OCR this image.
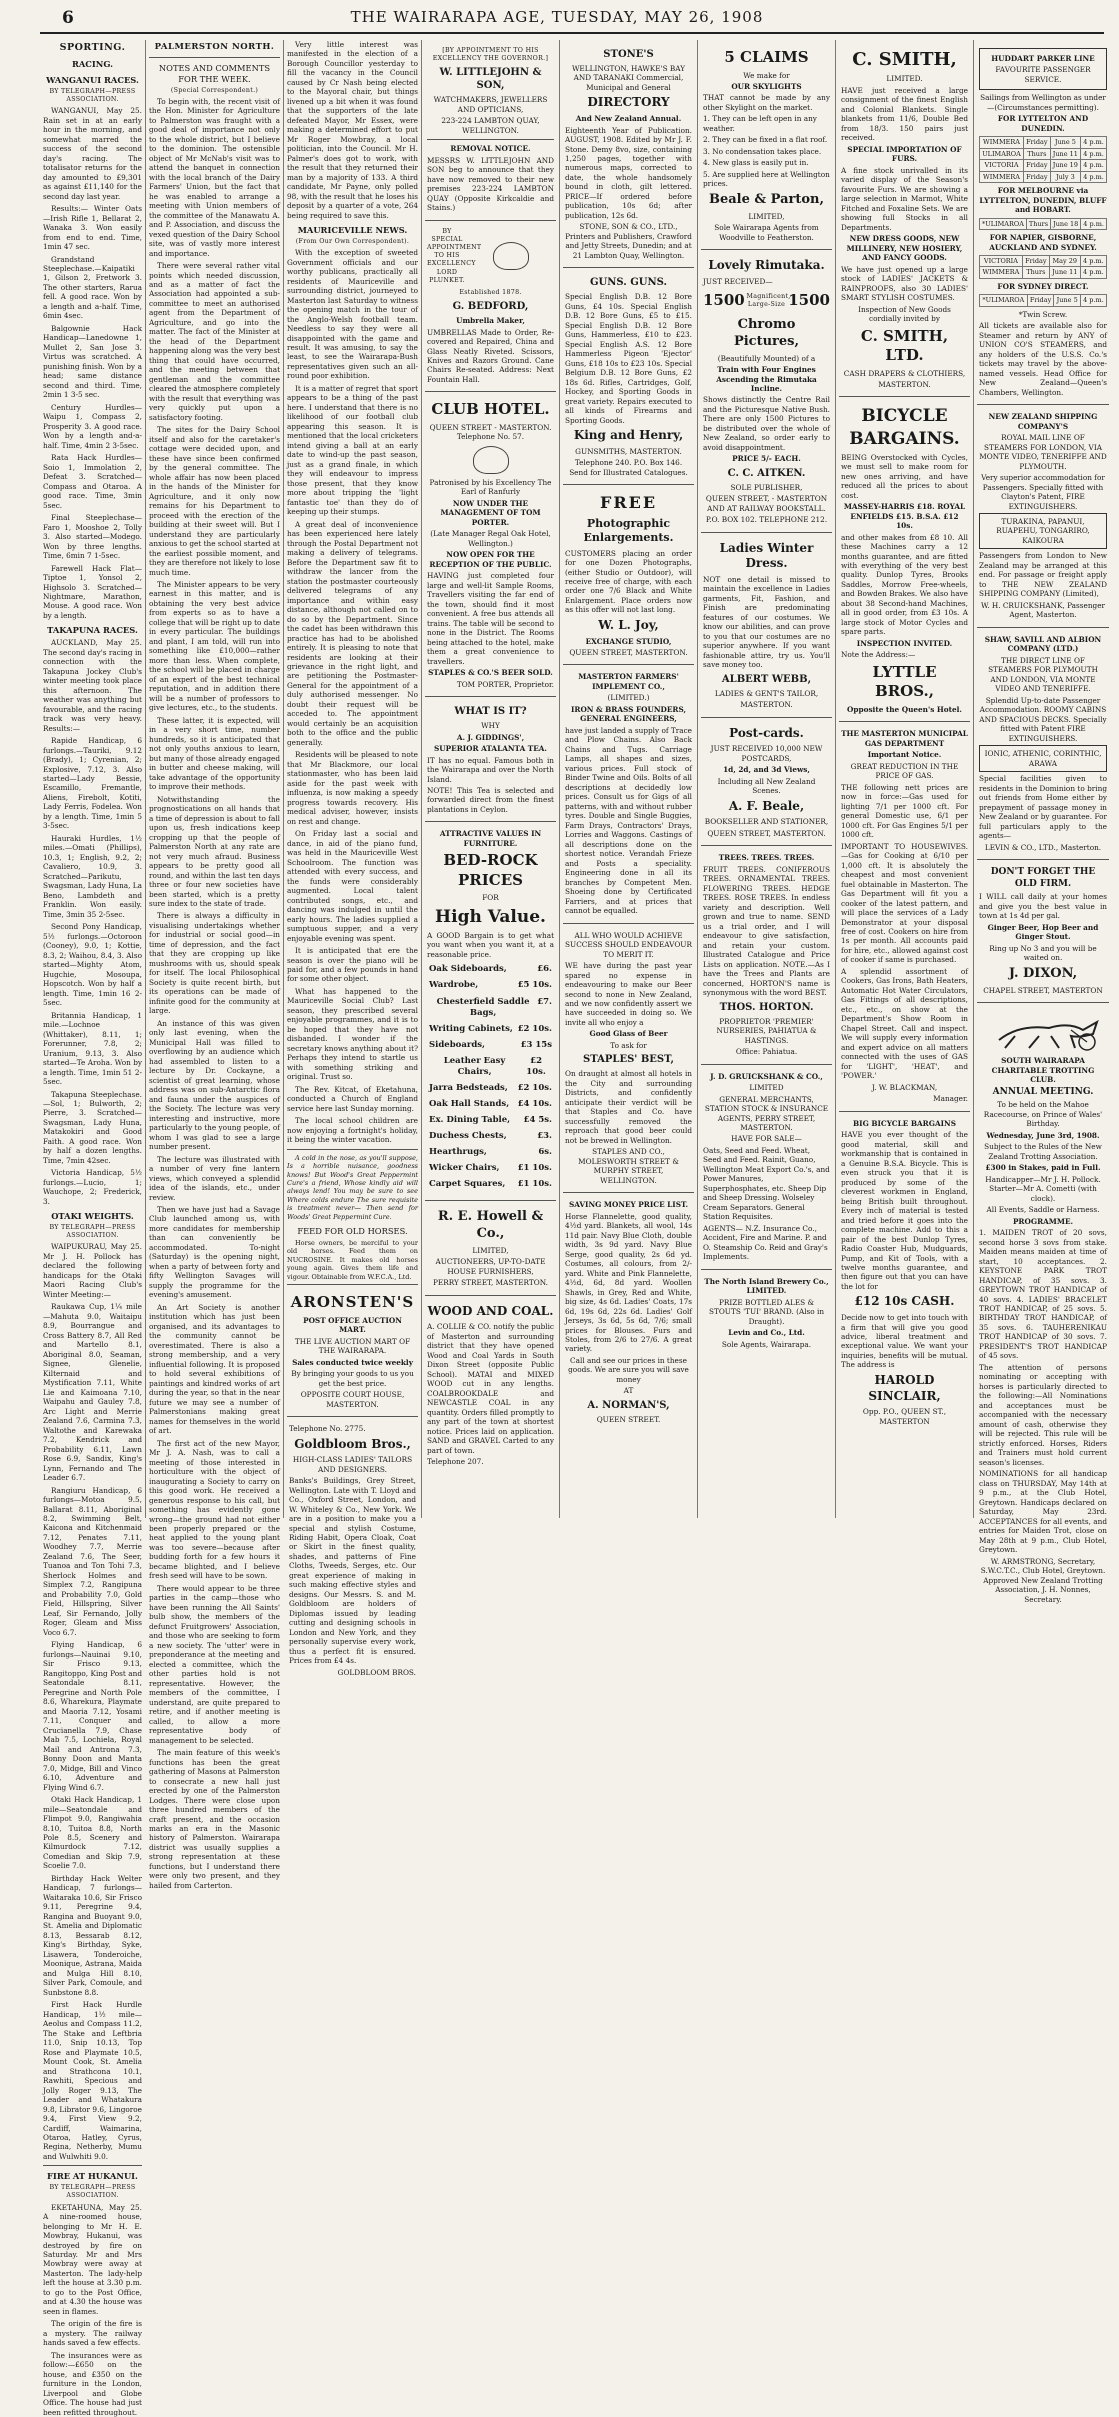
6	THE WAIRARAPA AGE, TUESDAY, MAY 26, 1908
SPORTING.
RACING.
WANGANUI RACES.
BY TELEGRAPH—PRESS ASSOCIATION.

WANGANUI, May 25. Rain set in at an early hour in the morning, and somewhat marred the success of the second day's racing. The totalisator returns for the day amounted to £9,301 as against £11,140 for the second day last year.

Results:— Winter Oats—Irish Rifle 1, Bellarat 2, Wanaka 3. Won easily from end to end. Time, 1min 47 sec.

Grandstand Steeplechase.—Kaipatiki 1, Gilson 2, Fretwork 3. The other starters, Rarua fell. A good race. Won by a length and a-half. Time, 6min 4sec.

Balgownie Hack Handicap—Lanedowne 1, Mullet 2, San Jose 3. Virtus was scratched. A punishing finish. Won by a head; same distance second and third. Time, 2min 1 3-5 sec.

Century Hurdles—Waipu 1, Compass 2, Prosperity 3. A good race. Won by a length and-a-half. Time, 4min 2 3-5sec.

Rata Hack Hurdles—Soio 1, Immolation 2, Defeat 3. Scratched—Compass and Otaroa. A good race. Time, 3min 5sec.

Final Steeplechase—Faro 1, Mooshoe 2, Tolly 3. Also started—Modego. Won by three lengths. Time, 6min 7 1-5sec.

Farewell Hack Flat—Tiptoe 1, Yonsol 2, Highsolo 3. Scratched—Nightmare, Marathon, Mouse. A good race. Won by a length.

TAKAPUNA RACES.

AUCKLAND, May 25. The second day's racing in connection with the Takapuna Jockey Club's winter meeting took place this afternoon. The weather was anything but favourable, and the racing track was very heavy. Results:—

Rapide Handicap, 6 furlongs.—Tauriki, 9.12 (Brady), 1; Cyrenian, 2; Explosive, 7.12, 3. Also started—Lady Bessie, Escamillo, Fremantle, Aliens, Firebolt, Kotiti, Lady Ferris, Fodelea. Won by a length. Time, 1min 5 3-5sec.

Hauraki Hurdles, 1½ miles.—Omati (Phillips), 10.3, 1; English, 9.2, 2; Cavaliero, 10.9, 3. Scratched—Parikutu, Swagsman, Lady Huna, La Beno, Lambdeth and Franklin. Won easily. Time, 3min 35 2-5sec.

Second Pony Handicap, 5½ furlongs.—Octoroon (Cooney), 9.0, 1; Kottie, 8.3, 2; Waihou, 8.4, 3. Also started—Mighty Atom, Hugchie, Mosoupa, Hopscotch. Won by half a length. Time, 1min 16 2-5sec.

Britannia Handicap, 1 mile.—Lochnoe (Whittaker), 8.11, 1; Forerunner, 7.8, 2; Uranium, 9.13, 3. Also started—Te Aroha. Won by a length. Time, 1min 51 2-5sec.

Takapuna Steeplechase.—Sol, 1; Bulworth, 2; Pierre, 3. Scratched—Swagsman, Lady Huna, Matakokiri and Good Faith. A good race. Won by half a dozen lengths. Time, 7min 42sec.

Victoria Handicap, 5½ furlongs.—Lucio, 1; Wauchope, 2; Frederick, 3.

OTAKI WEIGHTS.
BY TELEGRAPH—PRESS ASSOCIATION.

WAIPUKURAU, May 25. Mr J. H. Pollock has declared the following handicaps for the Otaki Maori Racing Club's Winter Meeting:—

Raukawa Cup, 1¼ mile—Mahuta 9.0, Waitaipu 8.9, Bourrangue and Cross Battery 8.7, All Red and Martello 8.1, Aboriginal 8.0, Seaman, Signee, Glenelie, Kilternaid and Mystification 7.11, White Lie and Kaimoana 7.10, Waipahu and Gauley 7.8, Arc Light and Merrie Zealand 7.6, Carmina 7.3, Waltothe and Karewaka 7.2, Kendrick and Probability 6.11, Lawn Rose 6.9, Sandix, King's Lynn, Fernando and The Leader 6.7.

Rangiuru Handicap, 6 furlongs—Motoa 9.5, Ballarat 8.11, Aboriginal 8.2, Swimming Belt, Kaicona and Kitchenmaid 7.12, Penates 7.11, Woodhey 7.7, Merrie Zealand 7.6, The Seer, Tuanoa and Ton Tohi 7.3, Sherlock Holmes and Simplex 7.2, Rangipuna and Probability 7.0, Gold Field, Hillspring, Silver Leaf, Sir Fernando, Jolly Roger, Gleam and Miss Voco 6.7.

Flying Handicap, 6 furlongs—Nauinai 9.10, Sir Frisco 9.13, Rangitoppo, King Post and Seatondale 8.11, Peregrine and North Pole 8.6, Wharekura, Playmate and Maoria 7.12, Yosami 7.11, Conquer and Crucianella 7.9, Chase Mab 7.5, Lochiela, Royal Mail and Antrona 7.3, Bonny Doon and Manta 7.0, Midge, Bill and Vinco 6.10, Adventure and Flying Wind 6.7.

Otaki Hack Handicap, 1 mile—Seatondale and Flimpot 9.0, Rangiwahia 8.10, Tuitoa 8.8, North Pole 8.5, Scenery and Kilmurdock 7.12, Comedian and Skip 7.9, Scoelie 7.0.

Birthday Hack Welter Handicap, 7 furlongs—Waitaraka 10.6, Sir Frisco 9.11, Peregrine 9.4, Rangina and Buoyant 9.0, St. Amelia and Diplomatic 8.13, Bessarab 8.12, King's Birthday, Syke, Lisawera, Tonderoiche, Moonique, Astrana, Maida and Mulga Hill 8.10, Silver Park, Comoule, and Sunbstone 8.8.

First Hack Hurdle Handicap, 1½ mile—Aeolus and Compass 11.2, The Stake and Leftbria 11.0, Snip 10.13, Top Rose and Playmate 10.5, Mount Cook, St. Amelia and Strathcona 10.1, Rawhiti, Specious and Jolly Roger 9.13, The Leader and Whatakura 9.8, Librator 9.6, Lingoroe 9.4, First View 9.2, Cardiff, Waimarina, Otaroa, Hatley, Cyrus, Regina, Netherby, Mumu and Wulwhiti 9.0.

FIRE AT HUKANUI.
BY TELEGRAPH—PRESS ASSOCIATION.

EKETAHUNA, May 25. A nine-roomed house, belonging to Mr H. E. Mowbray, Hukanui, was destroyed by fire on Saturday. Mr and Mrs Mowbray were away at Masterton. The lady-help left the house at 3.30 p.m. to go to the Post Office, and at 4.30 the house was seen in flames.

The origin of the fire is a mystery. The railway hands saved a few effects.

The insurances were as follow:—£650 on the house, and £350 on the furniture in the London, Liverpool and Globe Office. The house had just been refitted throughout.

PALMERSTON NORTH.
NOTES AND COMMENTS FOR THE WEEK.
(Special Correspondent.)

To begin with, the recent visit of the Hon. Minister for Agriculture to Palmerston was fraught with a good deal of importance not only to the whole district, but I believe to the dominion. The ostensible object of Mr McNab's visit was to attend the banquet in connection with the local branch of the Dairy Farmers' Union, but the fact that he was enabled to arrange a meeting with Union members of the committee of the Manawatu A. and P. Association, and discuss the vexed question of the Dairy School site, was of vastly more interest and importance.

There were several rather vital points which needed discussion, and as a matter of fact the Association had appointed a sub-committee to meet an authorised agent from the Department of Agriculture, and go into the matter. The fact of the Minister at the head of the Department happening along was the very best thing that could have occurred, and the meeting between that gentleman and the committee cleared the atmosphere completely with the result that everything was very quickly put upon a satisfactory footing.

The sites for the Dairy School itself and also for the caretaker's cottage were decided upon, and these have since been confirmed by the general committee. The whole affair has now been placed in the hands of the Minister for Agriculture, and it only now remains for his Department to proceed with the erection of the building at their sweet will. But I understand they are particularly anxious to get the school started at the earliest possible moment, and they are therefore not likely to lose much time.

The Minister appears to be very earnest in this matter, and is obtaining the very best advice from experts so as to have a college that will be right up to date in every particular. The buildings and plant, I am told, will run into something like £10,000—rather more than less. When complete, the school will be placed in charge of an expert of the best technical reputation, and in addition there will be a number of professors to give lectures, etc., to the students.

These latter, it is expected, will in a very short time, number hundreds, so it is anticipated that not only youths anxious to learn, but many of those already engaged in butter and cheese making, will take advantage of the opportunity to improve their methods.

Notwithstanding the prognostications on all hands that a time of depression is about to fall upon us, fresh indications keep cropping up that the people of Palmerston North at any rate are not very much afraud. Business appears to be pretty good all round, and within the last ten days three or four new societies have been started, which is a pretty sure index to the state of trade.

There is always a difficulty in visualising undertakings whether for industrial or social good—in time of depression, and the fact that they are cropping up like mushrooms with us, should speak for itself. The local Philosophical Society is quite recent birth, but its operations can be made of infinite good for the community at large.

An instance of this was given only last evening, when the Municipal Hall was filled to overflowing by an audience which had assembled to listen to a lecture by Dr. Cockayne, a scientist of great learning, whose address was on sub-Antarctic flora and fauna under the auspices of the Society. The lecture was very interesting and instructive, more particularly to the young people, of whom I was glad to see a large number present.

The lecture was illustrated with a number of very fine lantern views, which conveyed a splendid idea of the islands, etc., under review.

Then we have just had a Savage Club launched among us, with more candidates for membership than can conveniently be accommodated. To-night (Saturday) is the opening night, when a party of between forty and fifty Wellington Savages will supply the programme for the evening's amusement.

An Art Society is another institution which has just been organised, and its advantages to the community cannot be overestimated. There is also a strong membership, and a very influential following. It is proposed to hold several exhibitions of paintings and kindred works of art during the year, so that in the near future we may see a number of Palmerstonians making great names for themselves in the world of art.

The first act of the new Mayor, Mr J. A. Nash, was to call a meeting of those interested in horticulture with the object of inaugurating a Society to carry on this good work. He received a generous response to his call, but something has evidently gone wrong—the ground had not either been properly prepared or the heat applied to the young plant was too severe—because after budding forth for a few hours it became blighted, and I believe fresh seed will have to be sown.

There would appear to be three parties in the camp—those who have been running the All Saints' bulb show, the members of the defunct Fruitgrowers' Association, and those who are seeking to form a new society. The 'utter' were in preponderance at the meeting and elected a committee, which the other parties hold is not representative. However, the members of the committee, I understand, are quite prepared to retire, and if another meeting is called, to allow a more representative body of management to be selected.

The main feature of this week's functions has been the great gathering of Masons at Palmerston to consecrate a new hall just erected by one of the Palmerston Lodges. There were close upon three hundred members of the craft present, and the occasion marks an era in the Masonic history of Palmerston. Wairarapa district was usually supplies a strong representation at these functions, but I understand there were only two present, and they hailed from Carterton.

Very little interest was manifested in the election of a Borough Councillor yesterday to fill the vacancy in the Council caused by Cr Nash being elected to the Mayoral chair, but things livened up a bit when it was found that the supporters of the late defeated Mayor, Mr Essex, were making a determined effort to put Mr Roger Mowbray, a local politician, into the Council. Mr H. Palmer's does got to work, with the result that they returned their man by a majority of 133. A third candidate, Mr Payne, only polled 98, with the result that he loses his deposit by a quarter of a vote, 264 being required to save this.

MAURICEVILLE NEWS.
(From Our Own Correspondent).

With the exception of sweeted Government officials and our worthy publicans, practically all residents of Mauriceville and surrounding district, journeyed to Masterton last Saturday to witness the opening match in the tour of the Anglo-Welsh football team. Needless to say they were all disappointed with the game and result. It was amusing, to say the least, to see the Wairarapa-Bush representatives given such an all-round poor exhibition.

It is a matter of regret that sport appears to be a thing of the past here. I understand that there is no likelihood of our football club appearing this season. It is mentioned that the local cricketers intend giving a ball at an early date to wind-up the past season, just as a grand finale, in which they will endeavour to impress those present, that they know more about tripping the 'light fantastic toe' than they do of keeping up their stumps.

A great deal of inconvenience has been experienced here lately through the Postal Department not making a delivery of telegrams. Before the Department saw fit to withdraw the lancer from the station the postmaster courteously delivered telegrams of any importance and within easy distance, although not called on to do so by the Department. Since the cadet has been withdrawn this practice has had to be abolished entirely. It is pleasing to note that residents are looking at their grievance in the right light, and are petitioning the Postmaster-General for the appointment of a duly authorised messenger. No doubt their request will be acceded to. The appointment would certainly be an acquisition both to the office and the public generally.

Residents will be pleased to note that Mr Blackmore, our local stationmaster, who has been laid aside for the past week with influenza, is now making a speedy progress towards recovery. His medical adviser, however, insists on rest and change.

On Friday last a social and dance, in aid of the piano fund, was held in the Mauriceville West Schoolroom. The function was attended with every success, and the funds were considerably augmented. Local talent contributed songs, etc., and dancing was indulged in until the early hours. The ladies supplied a sumptuous supper, and a very enjoyable evening was spent.

It is anticipated that ere the season is over the piano will be paid for, and a few pounds in hand for some other object.

What has happened to the Mauriceville Social Club? Last season, they prescribed several enjoyable programmes, and it is to be hoped that they have not disbanded. I wonder if the secretary knows anything about it? Perhaps they intend to startle us with something striking and original. Trust so.

The Rev. Kitcat, of Eketahuna, conducted a Church of England service here last Sunday morning.

The local school children are now enjoying a fortnight's holiday, it being the winter vacation.

A cold in the nose, as you'll suppose, Is a horrible nuisance, goodness knows! But Wood's Great Peppermint Cure's a friend, Whose kindly aid will always lend! You may be sure to see Where colds endure The sure requisite is treatment never— Then send for Woods' Great Peppermint Cure.

FEED FOR OLD HORSES.

Horse owners, be merciful to your old horses. Feed them on NUCROSINE. It makes old horses young again. Gives them life and vigour. Obtainable from W.F.C.A., Ltd.

ARONSTEN'S

POST OFFICE AUCTION MART.

THE LIVE AUCTION MART OF THE WAIRARAPA.

Sales conducted twice weekly

By bringing your goods to us you get the best price.

OPPOSITE COURT HOUSE, MASTERTON.

Telephone No. 2775.

Goldbloom Bros.,

HIGH-CLASS LADIES' TAILORS AND DESIGNERS.

Banks's Buildings, Grey Street, Wellington. Late with T. Lloyd and Co., Oxford Street, London, and W. Whiteley & Co., New York. We are in a position to make you a special and stylish Costume, Riding Habit, Opera Cloak, Coat or Skirt in the finest quality, shades, and patterns of Fine Cloths, Tweeds, Serges, etc. Our great experience of making in such making effective styles and designs. Our Messrs. S. and M. Goldbloom are holders of Diplomas issued by leading cutting and designing schools in London and New York, and they personally supervise every work, thus a perfect fit is ensured. Prices from £4 4s.

GOLDBLOOM BROS.

[BY APPOINTMENT TO HIS EXCELLENCY THE GOVERNOR.]

W. LITTLEJOHN & SON,

WATCHMAKERS, JEWELLERS AND OPTICIANS,

223-224 LAMBTON QUAY, WELLINGTON.

REMOVAL NOTICE.

MESSRS W. LITTLEJOHN AND SON beg to announce that they have now removed to their new premises 223-224 LAMBTON QUAY (Opposite Kirkcaldie and Stains.)

BY SPECIAL APPOINTMENT TO HIS EXCELLENCY LORD PLUNKET.

Established 1878.

G. BEDFORD,

Umbrella Maker,

UMBRELLAS Made to Order, Re-covered and Repaired, China and Glass Neatly Riveted. Scissors, Knives and Razors Ground. Cane Chairs Re-seated. Address: Next Fountain Hall.

CLUB HOTEL.

QUEEN STREET - MASTERTON. Telephone No. 57.

Patronised by his Excellency The Earl of Ranfurly

NOW UNDER THE MANAGEMENT OF TOM PORTER.

(Late Manager Regal Oak Hotel, Wellington.)

NOW OPEN FOR THE RECEPTION OF THE PUBLIC.

HAVING just completed four large and well-lit Sample Rooms, Travellers visiting the far end of the town, should find it most convenient. A free bus attends all trains. The table will be second to none in the District. The Rooms being attached to the hotel, make them a great convenience to travellers.

STAPLES & CO.'S BEER SOLD.

TOM PORTER, Proprietor.

WHAT IS IT?

WHY

A. J. GIDDINGS',

SUPERIOR ATALANTA TEA.

IT has no equal. Famous both in the Wairarapa and over the North Island.

NOTE! This Tea is selected and forwarded direct from the finest plantations in Ceylon.

ATTRACTIVE VALUES IN FURNITURE.

BED-ROCK PRICES

FOR

High Value.

A GOOD Bargain is to get what you want when you want it, at a reasonable price.

Oak Sideboards,	£6.
Wardrobe,	£5 10s.
Chesterfield Saddle Bags,
£7.
Writing Cabinets, £2 10s.
Sideboards,	£3 15s
Leather Easy Chairs,
£2 10s.
Jarra Bedsteads, £2 10s.
Oak Hall Stands, £4 10s.
Ex. Dining Table, £4 5s.
Duchess Chests,	£3.
Hearthrugs,	6s.
Wicker Chairs, £1 10s.
Carpet Squares, £1 10s.
R. E. Howell & Co.,

LIMITED,

AUCTIONEERS, UP-TO-DATE HOUSE FURNISHERS,

PERRY STREET, MASTERTON.

WOOD AND COAL.

A. COLLIE & CO. notify the public of Masterton and surrounding district that they have opened Wood and Coal Yards in South Dixon Street (opposite Public School). MATAI and MIXED WOOD cut in any lengths. COALBROOKDALE and NEWCASTLE COAL in any quantity. Orders filled promptly to any part of the town at shortest notice. Prices laid on application. SAND and GRAVEL Carted to any part of town.

Telephone 207.

STONE'S

WELLINGTON, HAWKE'S BAY AND TARANAKI Commercial, Municipal and General

DIRECTORY

And New Zealand Annual.

Eighteenth Year of Publication. AUGUST, 1908. Edited by Mr J. F. Stone. Demy 8vo, size, containing 1,250 pages, together with numerous maps, corrected to date, the whole handsomely bound in cloth, gilt lettered. PRICE—If ordered before publication, 10s 6d; after publication, 12s 6d.

STONE, SON & CO., LTD., Printers and Publishers, Crawford and Jetty Streets, Dunedin; and at 21 Lambton Quay, Wellington.

GUNS. GUNS.

Special English D.B. 12 Bore Guns, £4 10s. Special English D.B. 12 Bore Guns, £5 to £15. Special English D.B. 12 Bore Guns, Hammerless, £10 to £23. Special English A.S. 12 Bore Hammerless Pigeon 'Ejector' Guns, £18 10s to £23 10s. Special Belgium D.B. 12 Bore Guns, £2 18s 6d. Rifles, Cartridges, Golf, Hockey, and Sporting Goods in great variety. Repairs executed to all kinds of Firearms and Sporting Goods.

King and Henry,

GUNSMITHS, MASTERTON.

Telephone 240. P.O. Box 146. Send for Illustrated Catalogues.

FREE
Photographic Enlargements.

CUSTOMERS placing an order for one Dozen Photographs, (either Studio or Outdoor), will receive free of charge, with each order one 7/6 Black and White Enlargement. Place orders now as this offer will not last long.

W. L. Joy,

EXCHANGE STUDIO,

QUEEN STREET, MASTERTON.

MASTERTON FARMERS' IMPLEMENT CO.,

(LIMITED.)

IRON & BRASS FOUNDERS, GENERAL ENGINEERS,

have just landed a supply of Trace and Plow Chains. Also Back Chains and Tugs. Carriage Lamps, all shapes and sizes, various prices. Full stock of Binder Twine and Oils. Bolts of all descriptions at decidedly low prices. Consult us for Gigs of all patterns, with and without rubber tyres. Double and Single Buggies, Farm Drays, Contractors' Drays, Lorries and Waggons. Castings of all descriptions done on the shortest notice. Verandah Frieze and Posts a speciality. Engineering done in all its branches by Competent Men. Shoeing done by Certificated Farriers, and at prices that cannot be equalled.

ALL WHO WOULD ACHIEVE SUCCESS SHOULD ENDEAVOUR TO MERIT IT.

WE have during the past year spared no expense in endeavouring to make our Beer second to none in New Zealand, and we now confidently assert we have succeeded in doing so. We invite all who enjoy a

Good Glass of Beer

To ask for

STAPLES' BEST,

On draught at almost all hotels in the City and surrounding Districts, and confidently anticipate their verdict will be that Staples and Co. have successfully removed the reproach that good beer could not be brewed in Wellington.

STAPLES AND CO., MOLESWORTH STREET & MURPHY STREET, WELLINGTON.

SAVING MONEY PRICE LIST.

Horse Flannelette, good quality, 4½d yard. Blankets, all wool, 14s 11d pair. Navy Blue Cloth, double width, 3s 9d yard. Navy Blue Serge, good quality, 2s 6d yd. Costumes, all colours, from 2/- yard. White and Pink Flannelette, 4½d, 6d, 8d yard. Woollen Shawls, in Grey, Red and White, big size, 4s 6d. Ladies' Coats, 17s 6d, 19s 6d, 22s 6d. Ladies' Golf Jerseys, 3s 6d, 5s 6d, 7/6; small prices for Blouses. Furs and Stoles, from 2/6 to 27/6. A great variety.

Call and see our prices in these goods. We are sure you will save money

AT

A. NORMAN'S,

QUEEN STREET.

5 CLAIMS

We make for

OUR SKYLIGHTS

THAT cannot be made by any other Skylight on the market.

1. They can be left open in any weather.

2. They can be fixed in a flat roof.

3. No condensation takes place.

4. New glass is easily put in.

5. Are supplied here at Wellington prices.

Beale & Parton,

LIMITED,

Sole Wairarapa Agents from Woodville to Featherston.

Lovely Rimutaka.

JUST RECEIVED—

1500 Magnificent, Large-Size 1500
Chromo Pictures,

(Beautifully Mounted) of a

Train with Four Engines Ascending the Rimutaka Incline.

Shows distinctly the Centre Rail and the Picturesque Native Bush. There are only 1500 Pictures to be distributed over the whole of New Zealand, so order early to avoid disappointment.

PRICE 5/- EACH.

C. C. AITKEN.

SOLE PUBLISHER,

QUEEN STREET, - MASTERTON AND AT RAILWAY BOOKSTALL.

P.O. BOX 102. TELEPHONE 212.

Ladies Winter Dress.

NOT one detail is missed to maintain the excellence in Ladies garments, Fit, Fashion, and Finish are predominating features of our costumes. We know our abilities, and can prove to you that our costumes are no superior anywhere. If you want fashionable attire, try us. You'll save money too.

ALBERT WEBB,

LADIES & GENT'S TAILOR,

MASTERTON.

Post-cards.

JUST RECEIVED 10,000 NEW POSTCARDS,

1d, 2d, and 3d Views,

Including all New Zealand Scenes.

A. F. Beale,

BOOKSELLER AND STATIONER,

QUEEN STREET, MASTERTON.

TREES. TREES. TREES.

FRUIT TREES. CONIFEROUS TREES. ORNAMENTAL TREES. FLOWERING TREES. HEDGE TREES. ROSE TREES. In endless variety and description. Well grown and true to name. SEND us a trial order, and I will endeavour to give satisfaction, and retain your custom. Illustrated Catalogue and Price Lists on application. NOTE.—As I have the Trees and Plants are concerned, HORTON'S name is synonymous with the word BEST.

THOS. HORTON.

PROPRIETOR 'PREMIER' NURSERIES, PAHIATUA & HASTINGS.

Office: Pahiatua.

J. D. GRUICKSHANK & CO.,

LIMITED

GENERAL MERCHANTS, STATION STOCK & INSURANCE AGENTS, PERRY STREET, MASTERTON.

HAVE FOR SALE—

Oats, Seed and Feed. Wheat, Seed and Feed. Rainit, Guano, Wellington Meat Export Co.'s, and Power Manures, Superphosphates, etc. Sheep Dip and Sheep Dressing. Wolseley Cream Separators. General Station Requisites.

AGENTS— N.Z. Insurance Co., Accident, Fire and Marine. P. and O. Steamship Co. Reid and Gray's Implements.

The North Island Brewery Co., LIMITED.

PRIZE BOTTLED ALES & STOUTS 'TUI' BRAND. (Also in Draught).

Levin and Co., Ltd.

Sole Agents, Wairarapa.

C. SMITH,

LIMITED.

HAVE just received a large consignment of the finest English and Colonial Blankets. Single blankets from 11/6, Double Bed from 18/3. 150 pairs just received.

SPECIAL IMPORTATION OF FURS.

A fine stock unrivalled in its varied display of the Season's favourite Furs. We are showing a large selection in Marmot, White Fitched and Foxaline Sets. We are showing full Stocks in all Departments.

NEW DRESS GOODS, NEW MILLINERY, NEW HOSIERY, AND FANCY GOODS.

We have just opened up a large stock of LADIES' JACKETS & RAINPROOFS, also 30 LADIES' SMART STYLISH COSTUMES.

Inspection of New Goods cordially invited by

C. SMITH, LTD.

CASH DRAPERS & CLOTHIERS,

MASTERTON.

BICYCLE BARGAINS.

BEING Overstocked with Cycles, we must sell to make room for new ones arriving, and have reduced all the prices to about cost.

MASSEY-HARRIS £18. ROYAL ENFIELDS £15. B.S.A. £12 10s.

and other makes from £8 10. All these Machines carry a 12 months guarantee, and are fitted with everything of the very best quality. Dunlop Tyres, Brooks Saddles, Morrow Free-wheels, and Bowden Brakes. We also have about 38 Second-hand Machines, all in good order, from £3 10s. A large stock of Motor Cycles and spare parts.

INSPECTION INVITED.

Note the Address:—

LYTTLE BROS.,

Opposite the Queen's Hotel.

THE MASTERTON MUNICIPAL GAS DEPARTMENT

Important Notice.

GREAT REDUCTION IN THE PRICE OF GAS.

THE following nett prices are now in force:—Gas used for lighting 7/1 per 1000 cft. For general Domestic use, 6/1 per 1000 cft. For Gas Engines 5/1 per 1000 cft.

IMPORTANT TO HOUSEWIVES.—Gas for Cooking at 6/10 per 1,000 cft. It is absolutely the cheapest and most convenient fuel obtainable in Masterton. The Gas Department will fit you a cooker of the latest pattern, and will place the services of a Lady Demonstrator at your disposal free of cost. Cookers on hire from 1s per month. All accounts paid for hire, etc., allowed against cost of cooker if same is purchased.

A splendid assortment of Cookers, Gas Irons, Bath Heaters, Automatic Hot Water Circulators, Gas Fittings of all descriptions, etc., etc., on show at the Department's Show Room in Chapel Street. Call and inspect. We will supply every information and expert advice on all matters connected with the uses of GAS for 'LIGHT', 'HEAT', and 'POWER.'

J. W. BLACKMAN,

Manager.

BIG BICYCLE BARGAINS

HAVE you ever thought of the good material, skill and workmanship that is contained in a Genuine B.S.A. Bicycle. This is even struck you that it is produced by some of the cleverest workmen in England, being British built throughout. Every inch of material is tested and tried before it goes into the complete machine. Add to this a pair of the best Dunlop Tyres, Radio Coaster Hub, Mudguards, Pump, and Kit of Tools, with a twelve months guarantee, and then figure out that you can have the lot for

£12 10s CASH.

Decide now to get into touch with a firm that will give you good advice, liberal treatment and exceptional value. We want your inquiries, benefits will be mutual. The address is

HAROLD SINCLAIR,

Opp. P.O., QUEEN ST., MASTERTON

HUDDART PARKER LINE

FAVOURITE PASSENGER SERVICE.

Sailings from Wellington as under—(Circumstances permitting).

FOR LYTTELTON AND DUNEDIN.

WIMMERA	Friday	June 5	4 p.m.
ULIMAROA	Thurs	June 11	4 p.m.
VICTORIA	Friday	June 19	4 p.m.
WIMMERA	Friday	July 3	4 p.m.

FOR MELBOURNE via LYTTELTON, DUNEDIN, BLUFF and HOBART.

*ULIMAROA	Thurs	June 18	4 p.m.

FOR NAPIER, GISBORNE, AUCKLAND AND SYDNEY.

VICTORIA	Friday	May 29	4 p.m.
WIMMERA	Thurs	June 11	4 p.m.

FOR SYDNEY DIRECT.

*ULIMAROA	Friday	June 5	4 p.m.

*Twin Screw.

All tickets are available also for Steamer and return by ANY of UNION CO'S STEAMERS, and any holders of the U.S.S. Co.'s tickets may travel by the above-named vessels. Head Office for New Zealand—Queen's Chambers, Wellington.

NEW ZEALAND SHIPPING COMPANY'S

ROYAL MAIL LINE OF STEAMERS FOR LONDON, VIA MONTE VIDEO, TENERIFFE AND PLYMOUTH.

Very superior accommodation for Passengers. Specially fitted with Clayton's Patent, FIRE EXTINGUISHERS.

TURAKINA, PAPANUI, RUAPEHU, TONGARIRO, KAIKOURA

Passengers from London to New Zealand may be arranged at this end. For passage or freight apply to THE NEW ZEALAND SHIPPING COMPANY (Limited),

W. H. CRUICKSHANK, Passenger Agent, Masterton.

SHAW, SAVILL AND ALBION COMPANY (LTD.)

THE DIRECT LINE OF STEAMERS FOR PLYMOUTH AND LONDON, VIA MONTE VIDEO AND TENERIFFE.

Splendid Up-to-date Passenger Accommodation. ROOMY CABINS AND SPACIOUS DECKS. Specially fitted with Patent FIRE EXTINGUISHERS.

IONIC, ATHENIC, CORINTHIC, ARAWA

Special facilities given to residents in the Dominion to bring out friends from Home either by prepayment of passage money in New Zealand or by guarantee. For full particulars apply to the agents—

LEVIN & CO., LTD., Masterton.

DON'T FORGET THE OLD FIRM.

I WILL call daily at your homes and give you the best value in town at 1s 4d per gal.

Ginger Beer, Hop Beer and Ginger Stout.

Ring up No 3 and you will be waited on.

J. DIXON,

CHAPEL STREET, MASTERTON

SOUTH WAIRARAPA CHARITABLE TROTTING CLUB.

ANNUAL MEETING.

To be held on the Mahoe Racecourse, on Prince of Wales' Birthday.

Wednesday, June 3rd, 1908.

Subject to the Rules of the New Zealand Trotting Association.

£300 in Stakes, paid in Full.

Handicapper—Mr J. H. Pollock. Starter—Mr A. Cometti (with clock).

All Events, Saddle or Harness.

PROGRAMME.

1. MAIDEN TROT of 20 sovs, second horse 3 sovs from stake. Maiden means maiden at time of start, 10 acceptances. 2. KEYSTONE PARK TROT HANDICAP, of 35 sovs. 3. GREYTOWN TROT HANDICAP of 40 sovs. 4. LADIES' BRACELET TROT HANDICAP, of 25 sovs. 5. BIRTHDAY TROT HANDICAP, of 35 sovs. 6. TAUHERENIKAU TROT HANDICAP of 30 sovs. 7. PRESIDENT'S TROT HANDICAP of 45 sovs.

The attention of persons nominating or accepting with horses is particularly directed to the following:—All Nominations and acceptances must be accompanied with the necessary amount of cash, otherwise they will be rejected. This rule will be strictly enforced. Horses, Riders and Trainers must hold current season's licenses.

NOMINATIONS for all handicap class on THURSDAY, May 14th at 9 p.m., at the Club Hotel, Greytown. Handicaps declared on Saturday, May 23rd. ACCEPTANCES for all events, and entries for Maiden Trot, close on May 28th at 9 p.m., Club Hotel, Greytown.

W. ARMSTRONG, Secretary, S.W.C.T.C., Club Hotel, Greytown. Approved New Zealand Trotting Association, J. H. Nonnes, Secretary.
